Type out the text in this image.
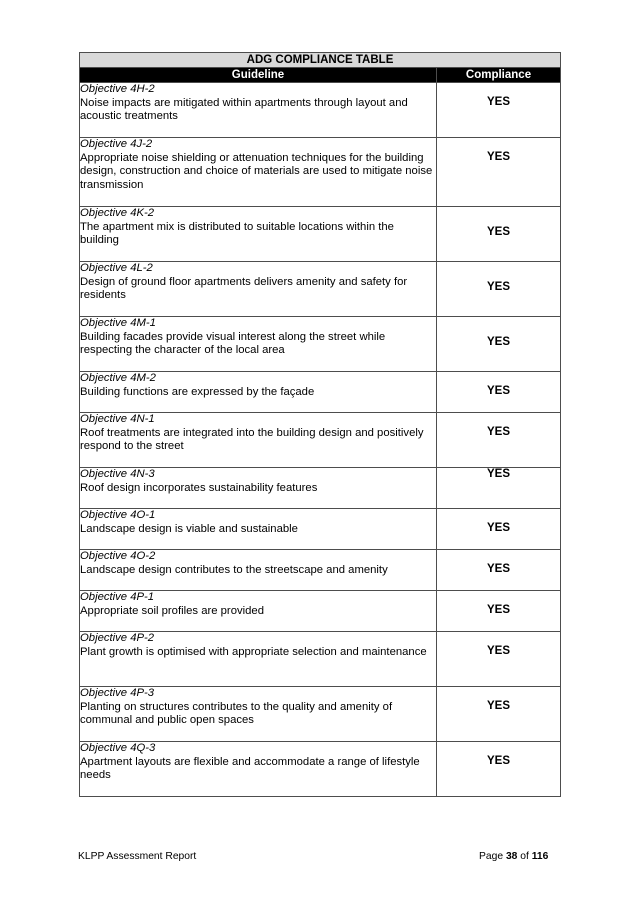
ADG COMPLIANCE TABLE	
Guideline	Compliance

Objective 4H-2
Noise impacts are mitigated within apartments through layout and acoustic treatments	YES

Objective 4J-2
Appropriate noise shielding or attenuation techniques for the building design, construction and choice of materials are used to mitigate noise transmission	YES

Objective 4K-2
The apartment mix is distributed to suitable locations within the building	YES

Objective 4L-2
Design of ground floor apartments delivers amenity and safety for residents	YES

Objective 4M-1
Building facades provide visual interest along the street while respecting the character of the local area	YES

Objective 4M-2
Building functions are expressed by the façade	YES

Objective 4N-1
Roof treatments are integrated into the building design and positively respond to the street	YES

Objective 4N-3
Roof design incorporates sustainability features	YES

Objective 4O-1
Landscape design is viable and sustainable	YES

Objective 4O-2
Landscape design contributes to the streetscape and amenity	YES

Objective 4P-1
Appropriate soil profiles are provided	YES

Objective 4P-2
Plant growth is optimised with appropriate selection and maintenance	YES

Objective 4P-3
Planting on structures contributes to the quality and amenity of communal and public open spaces	YES

Objective 4Q-3
Apartment layouts are flexible and accommodate a range of lifestyle needs	YES
KLPP Assessment Report	Page 38 of 116
